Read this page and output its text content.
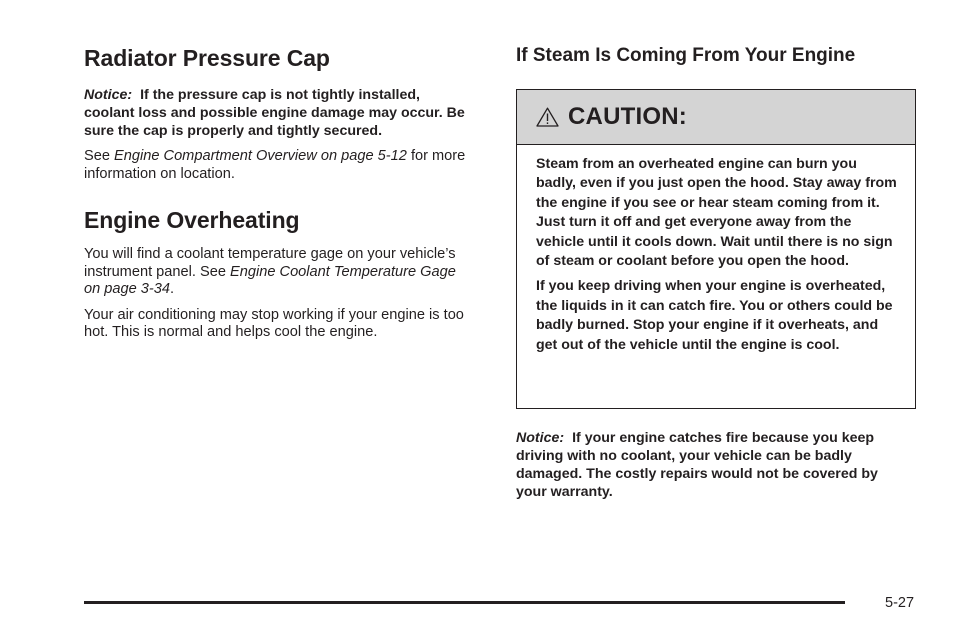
Radiator Pressure Cap
Notice: If the pressure cap is not tightly installed, coolant loss and possible engine damage may occur. Be sure the cap is properly and tightly secured.

See Engine Compartment Overview on page 5-12 for more information on location.

Engine Overheating

You will find a coolant temperature gage on your vehicle’s instrument panel. See Engine Coolant Temperature Gage on page 3-34.

Your air conditioning may stop working if your engine is too hot. This is normal and helps cool the engine.

If Steam Is Coming From Your Engine
CAUTION:

Steam from an overheated engine can burn you badly, even if you just open the hood. Stay away from the engine if you see or hear steam coming from it. Just turn it off and get everyone away from the vehicle until it cools down. Wait until there is no sign of steam or coolant before you open the hood.

If you keep driving when your engine is overheated, the liquids in it can catch fire. You or others could be badly burned. Stop your engine if it overheats, and get out of the vehicle until the engine is cool.

Notice: If your engine catches fire because you keep driving with no coolant, your vehicle can be badly damaged. The costly repairs would not be covered by your warranty.
5-27
